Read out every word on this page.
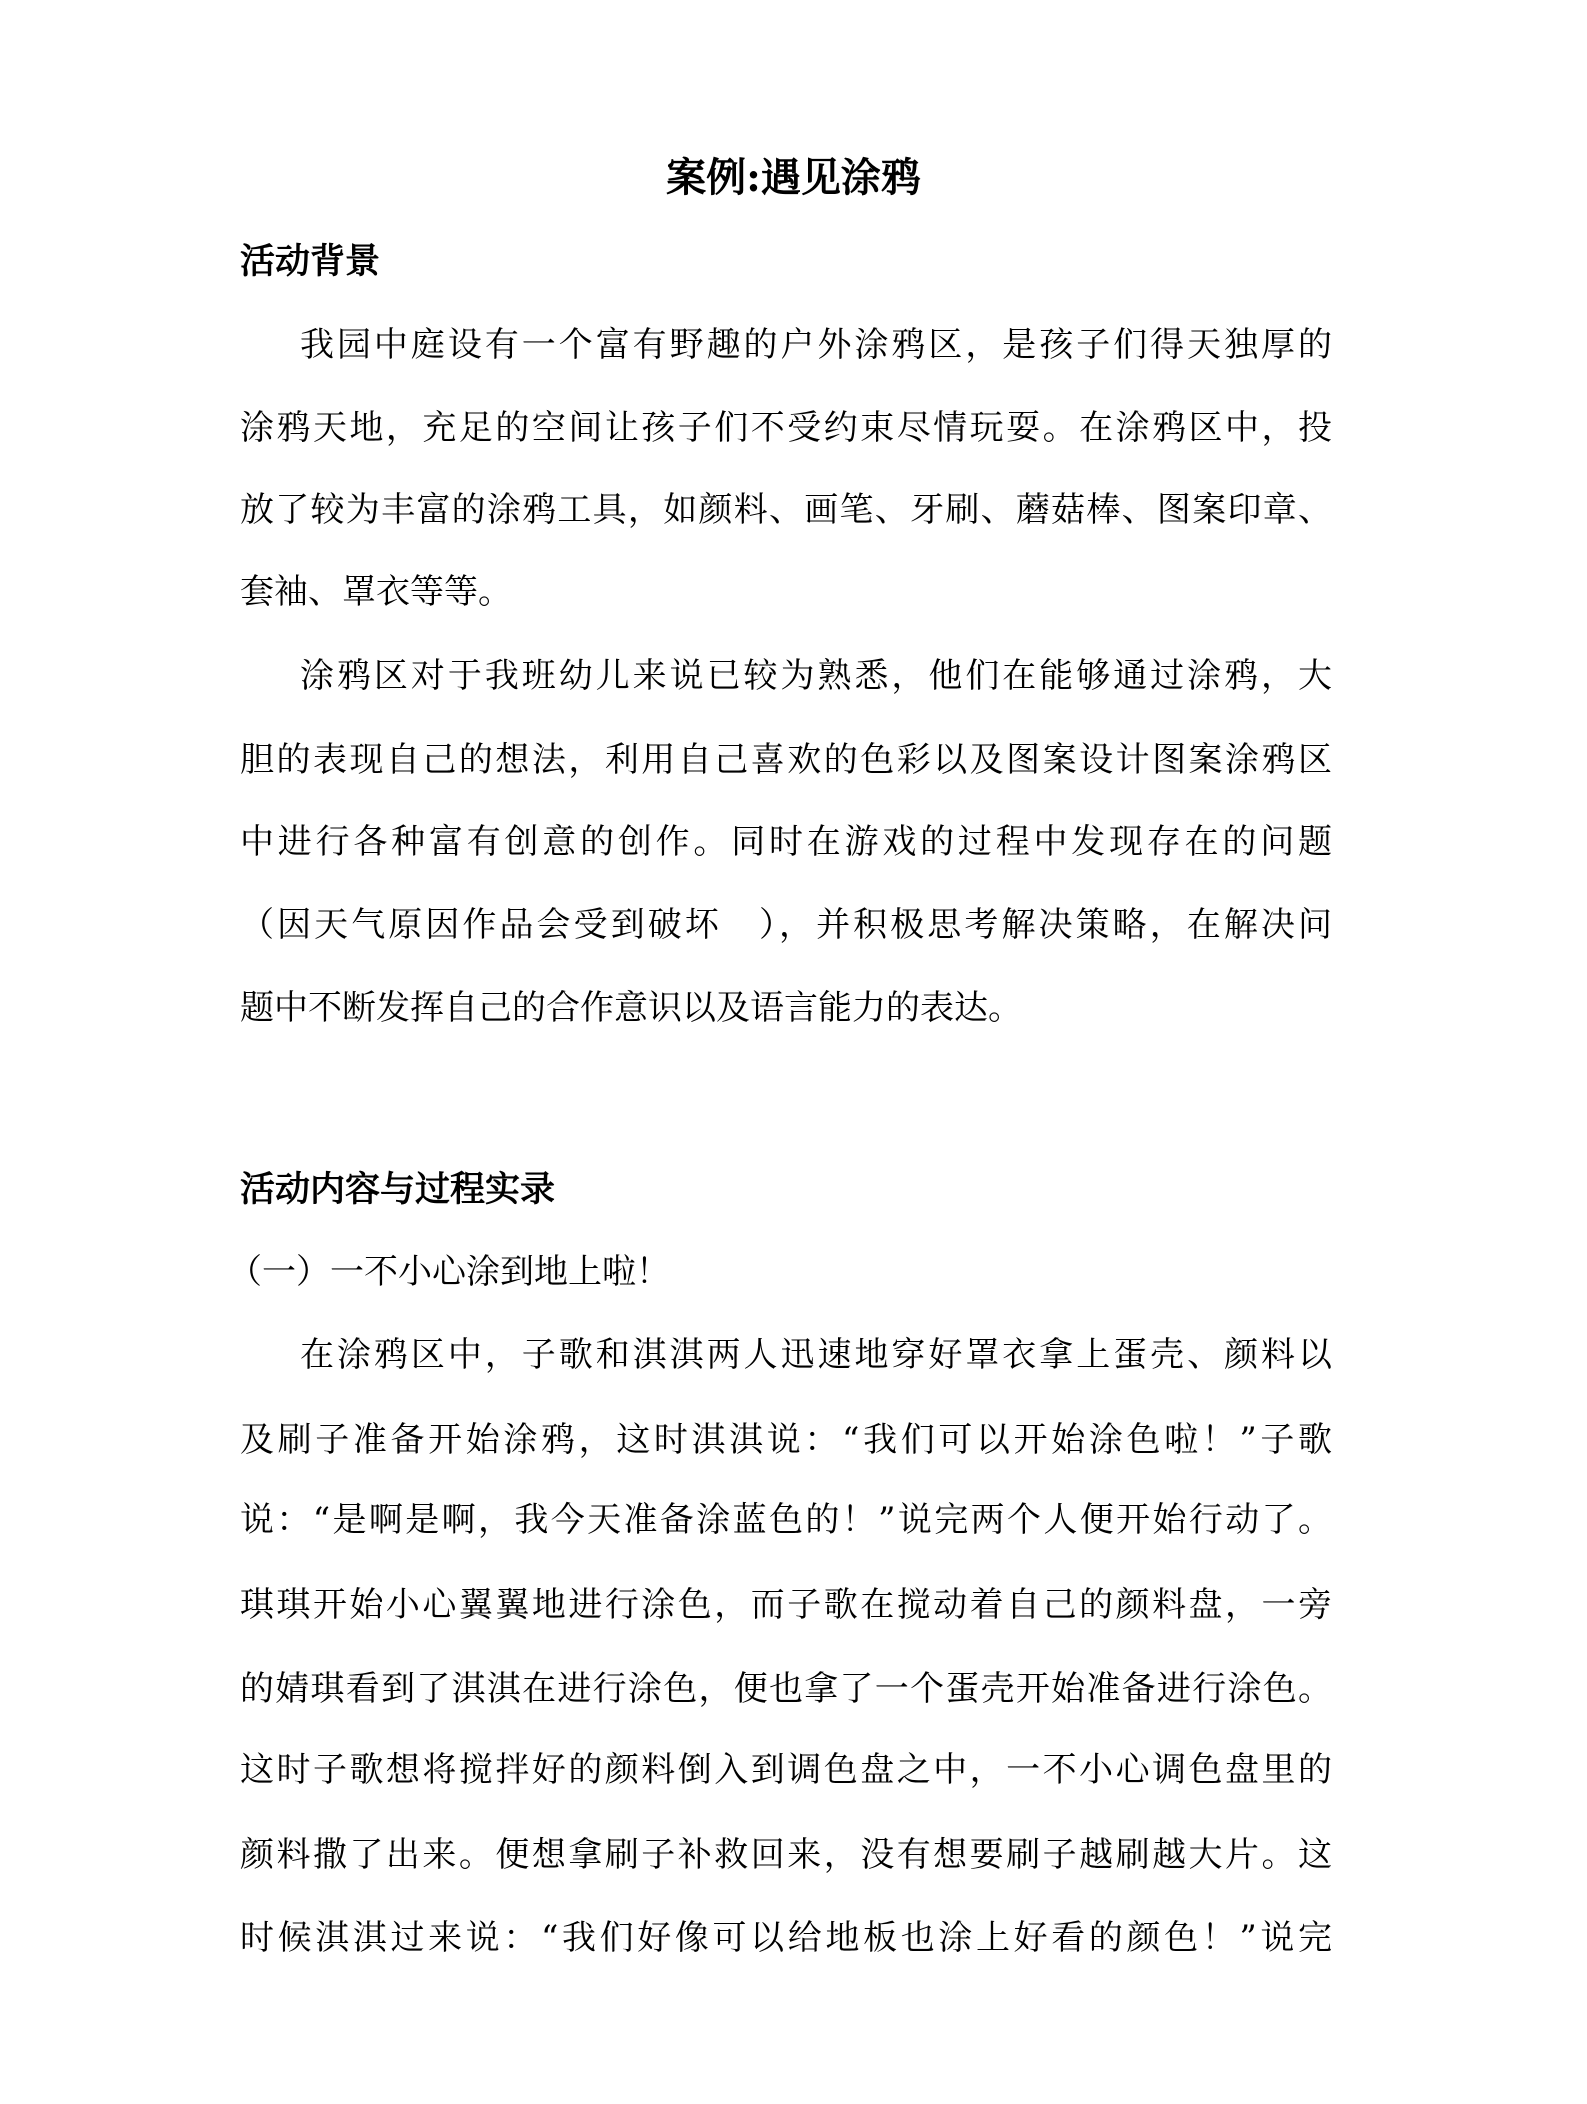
案例:遇见涂鸦
活动背景
我园中庭设有一个富有野趣的户外涂鸦区，是孩子们得天独厚的
涂鸦天地，充足的空间让孩子们不受约束尽情玩耍。在涂鸦区中，投
放了较为丰富的涂鸦工具，如颜料、画笔、牙刷、蘑菇棒、图案印章、
套袖、罩衣等等。
涂鸦区对于我班幼儿来说已较为熟悉，他们在能够通过涂鸦，大
胆的表现自己的想法，利用自己喜欢的色彩以及图案设计图案涂鸦区
中进行各种富有创意的创作。同时在游戏的过程中发现存在的问题
（因天气原因作品会受到破坏　），并积极思考解决策略，在解决问
题中不断发挥自己的合作意识以及语言能力的表达。
活动内容与过程实录
（一）一不小心涂到地上啦！
在涂鸦区中，子歌和淇淇两人迅速地穿好罩衣拿上蛋壳、颜料以
及刷子准备开始涂鸦，这时淇淇说：“我们可以开始涂色啦！”子歌
说：“是啊是啊，我今天准备涂蓝色的！”说完两个人便开始行动了。
琪琪开始小心翼翼地进行涂色，而子歌在搅动着自己的颜料盘，一旁
的婧琪看到了淇淇在进行涂色，便也拿了一个蛋壳开始准备进行涂色。
这时子歌想将搅拌好的颜料倒入到调色盘之中，一不小心调色盘里的
颜料撒了出来。便想拿刷子补救回来，没有想要刷子越刷越大片。这
时候淇淇过来说：“我们好像可以给地板也涂上好看的颜色！”说完
